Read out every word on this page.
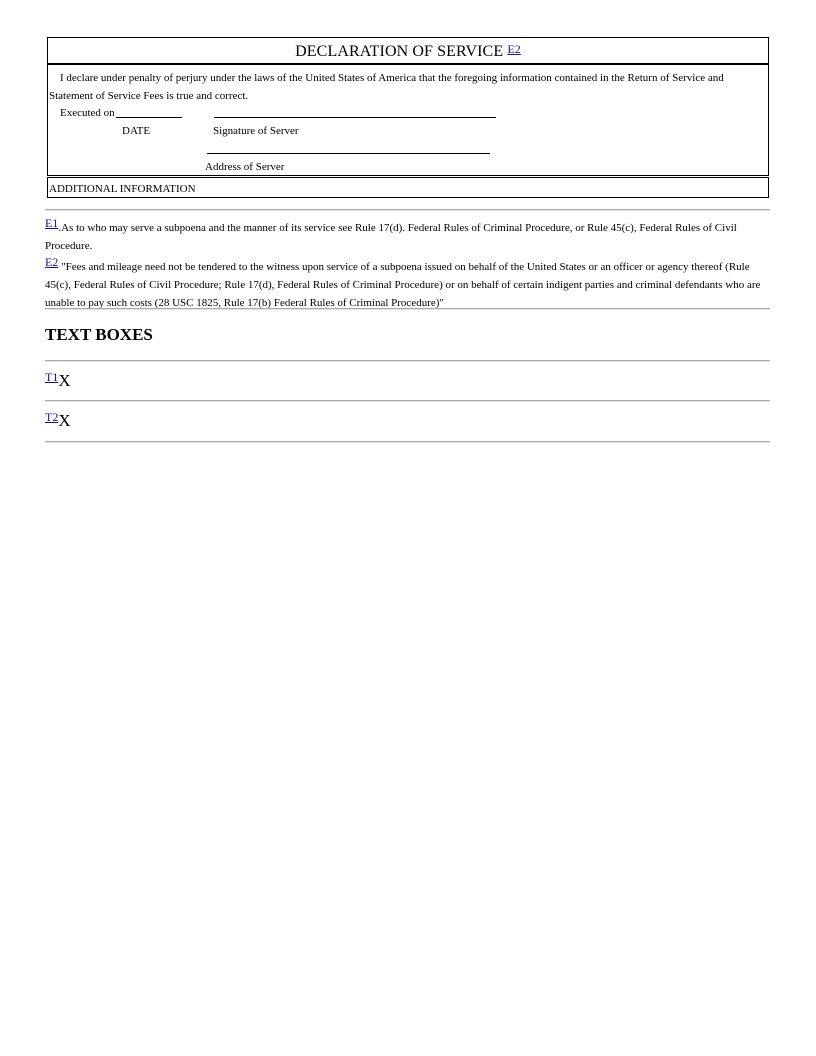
DECLARATION OF SERVICE $^{E2}$
I declare under penalty of perjury under the laws of the United States of America that the foregoing information contained in the Return of Service and Statement of Service Fees is true and correct.
Executed on
DATE	Signature of Server
Address of Server
ADDITIONAL INFORMATION

E1.As to who may serve a subpoena and the manner of its service see Rule 17(d). Federal Rules of Criminal Procedure, or Rule 45(c), Federal Rules of Civil Procedure.

E2 "Fees and mileage need not be tendered to the witness upon service of a subpoena issued on behalf of the United States or an officer or agency thereof (Rule 45(c), Federal Rules of Civil Procedure; Rule 17(d), Federal Rules of Criminal Procedure) or on behalf of certain indigent parties and criminal defendants who are unable to pay such costs (28 USC 1825, Rule 17(b) Federal Rules of Criminal Procedure)"

TEXT BOXES
$^{T1}$X
$^{T2}$X
